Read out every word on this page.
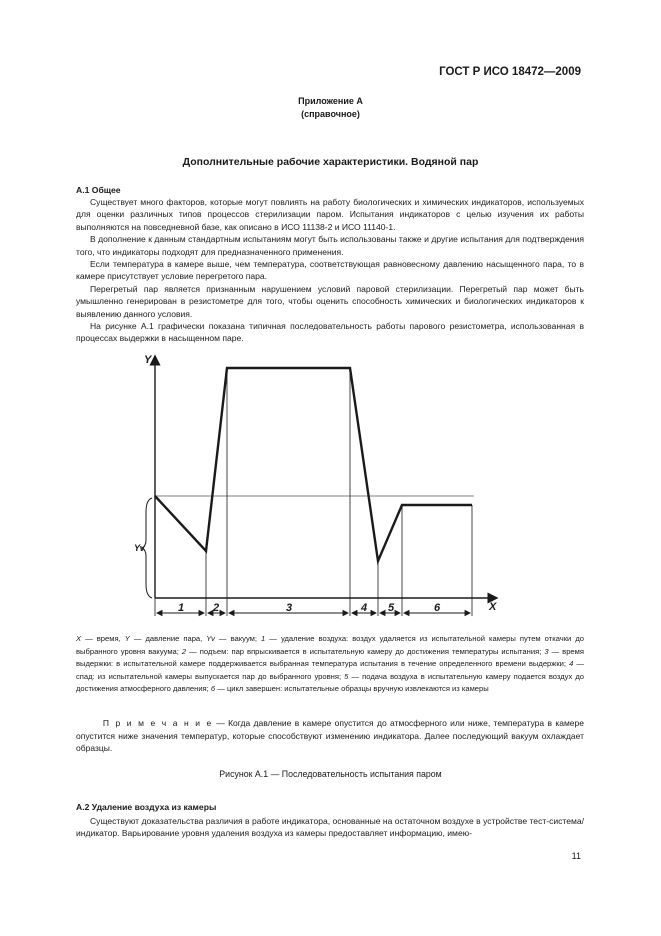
ГОСТ Р ИСО 18472—2009
Приложение А
(справочное)
Дополнительные рабочие характеристики. Водяной пар
А.1 Общее

Существует много факторов, которые могут повлиять на работу биологических и химических индикаторов, используемых для оценки различных типов процессов стерилизации паром. Испытания индикаторов с целью изучения их работы выполняются на повседневной базе, как описано в ИСО 11138-2 и ИСО 11140-1.

В дополнение к данным стандартным испытаниям могут быть использованы также и другие испытания для подтверждения того, что индикаторы подходят для предназначенного применения.

Если температура в камере выше, чем температура, соответствующая равновесному давлению насыщенного пара, то в камере присутствует условие перегретого пара.

Перегретый пар является признанным нарушением условий паровой стерилизации. Перегретый пар может быть умышленно генерирован в резистометре для того, чтобы оценить способность химических и биологических индикаторов к выявлению данного условия.

На рисунке А.1 графически показана типичная последовательность работы парового резистометра, использованная в процессах выдержки в насыщенном паре.

Y
Yv
X
1	2	3	4 5	6
X — время, Y — давление пара, Yv — вакуум; 1 — удаление воздуха: воздух удаляется из испытательной камеры путем откачки до выбранного уровня вакуума; 2 — подъем: пар впрыскивается в испытательную камеру до достижения температуры испытания; 3 — время выдержки: в испытательной камере поддерживается выбранная температура испытания в течение определенного времени выдержки; 4 — спад: из испытательной камеры выпускается пар до выбранного уровня; 5 — подача воздуха в испытательную камеру подается воздух до достижения атмосферного давления; 6 — цикл завершен: испытательные образцы вручную извлекаются из камеры
П р и м е ч а н и е — Когда давление в камере опустится до атмосферного или ниже, температура в камере опустится ниже значения температур, которые способствуют изменению индикатора. Далее последующий вакуум охлаждает образцы.
Рисунок А.1 — Последовательность испытания паром
А.2 Удаление воздуха из камеры

Существуют доказательства различия в работе индикатора, основанные на остаточном воздухе в устройстве тест-система/индикатор. Варьирование уровня удаления воздуха из камеры предоставляет информацию, имею-

11
